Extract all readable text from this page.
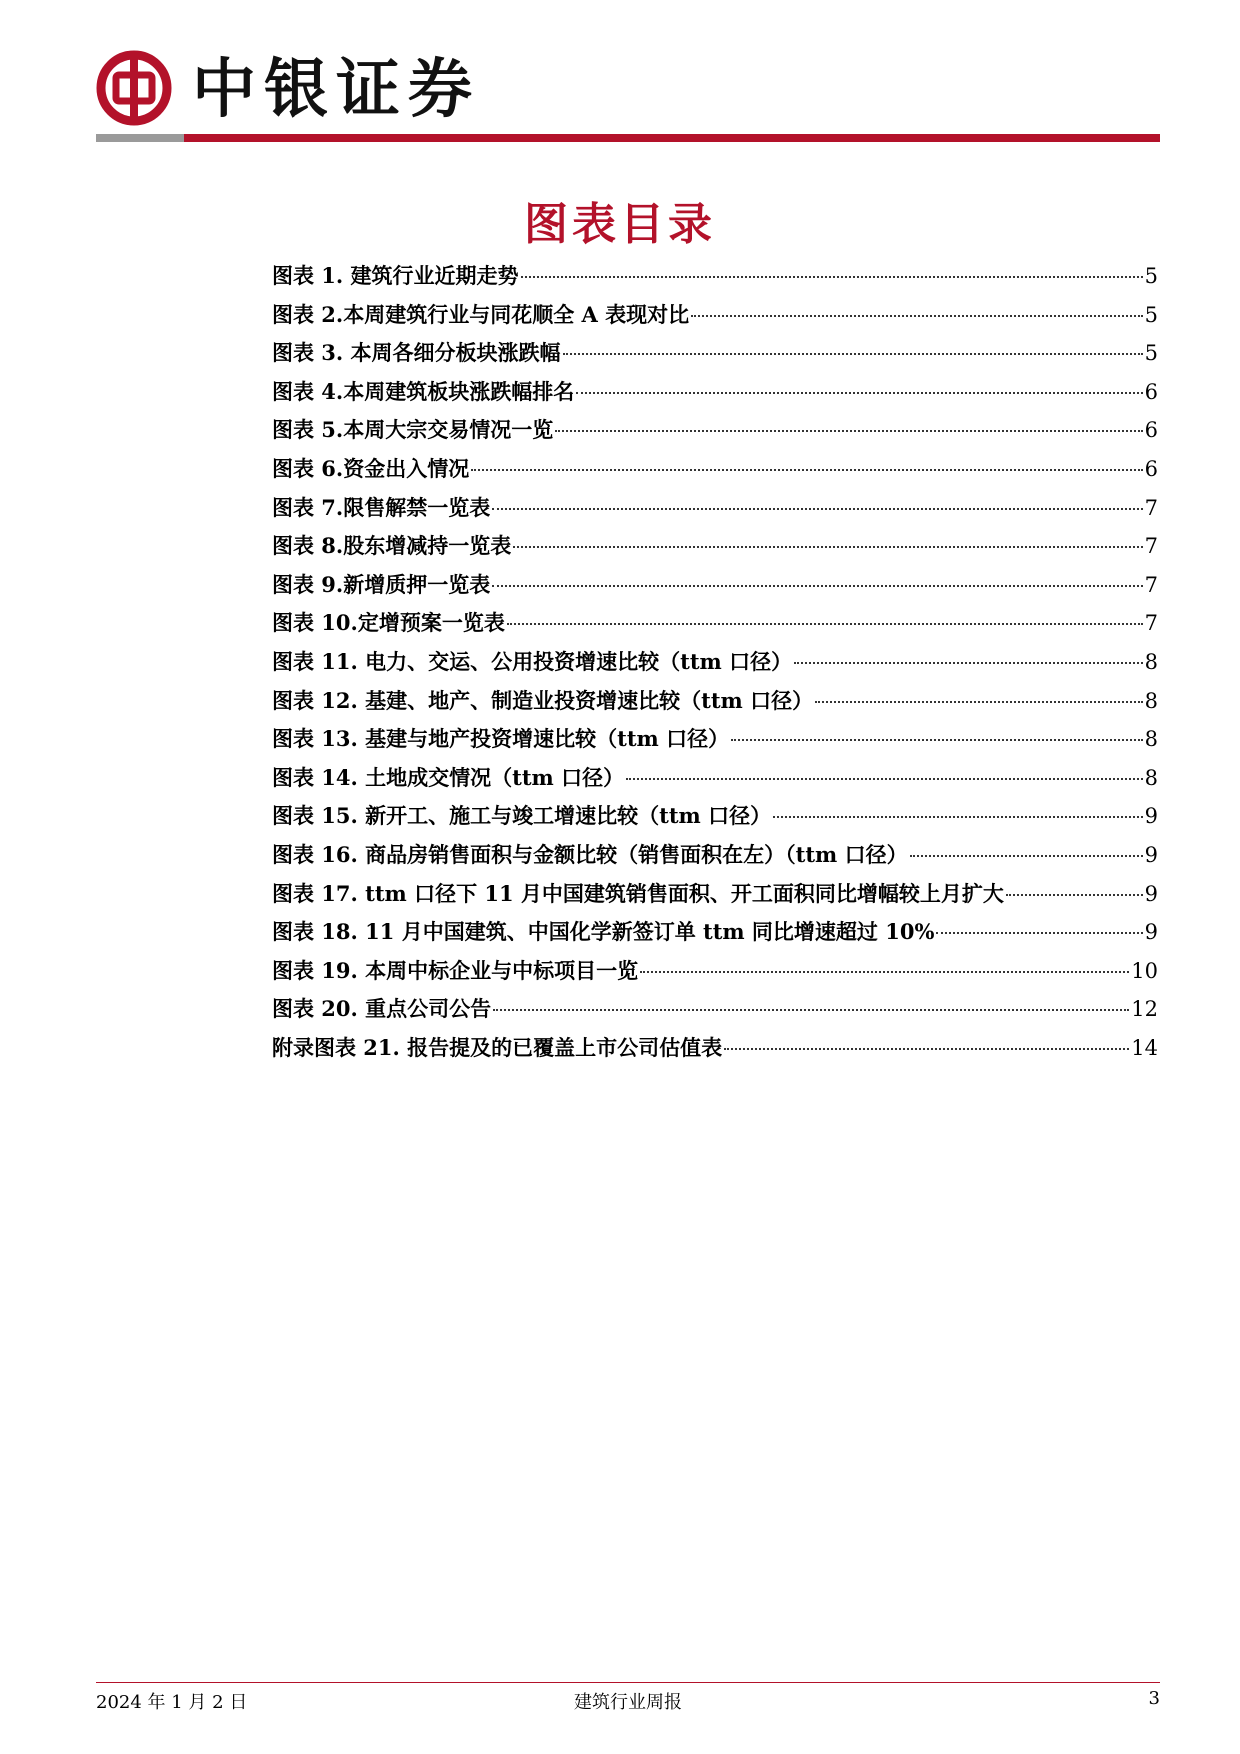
中银证券
图表目录
图表 1. 建筑行业近期走势	5
图表 2.本周建筑行业与同花顺全 A 表现对比	5
图表 3. 本周各细分板块涨跌幅	5
图表 4.本周建筑板块涨跌幅排名	6
图表 5.本周大宗交易情况一览	6
图表 6.资金出入情况	6
图表 7.限售解禁一览表	7
图表 8.股东增减持一览表	7
图表 9.新增质押一览表	7
图表 10.定增预案一览表	7
图表 11. 电力、交运、公用投资增速比较（ttm 口径）	8
图表 12. 基建、地产、制造业投资增速比较（ttm 口径）	8
图表 13. 基建与地产投资增速比较（ttm 口径）	8
图表 14. 土地成交情况（ttm 口径）	8
图表 15. 新开工、施工与竣工增速比较（ttm 口径）	9
图表 16. 商品房销售面积与金额比较（销售面积在左）（ttm 口径）	9
图表 17. ttm 口径下 11 月中国建筑销售面积、开工面积同比增幅较上月扩大	9
图表 18. 11 月中国建筑、中国化学新签订单 ttm 同比增速超过 10%	9
图表 19. 本周中标企业与中标项目一览	10
图表 20. 重点公司公告	12
附录图表 21. 报告提及的已覆盖上市公司估值表	14
2024 年 1 月 2 日	建筑行业周报	3
